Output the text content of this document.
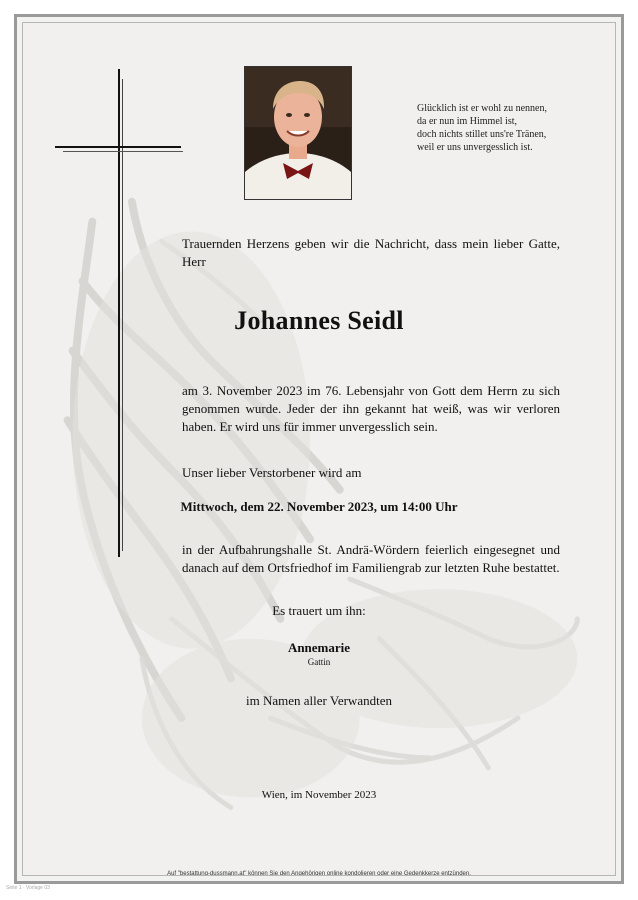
Glücklich ist er wohl zu nennen,
da er nun im Himmel ist,
doch nichts stillet uns're Tränen,
weil er uns unvergesslich ist.
Trauernden Herzens geben wir die Nachricht, dass mein lieber Gatte, Herr
Johannes Seidl
am 3. November 2023 im 76. Lebensjahr von Gott dem Herrn zu sich genommen wurde. Jeder der ihn gekannt hat weiß, was wir verloren haben. Er wird uns für immer unvergesslich sein.
Unser lieber Verstorbener wird am
Mittwoch, dem 22. November 2023, um 14:00 Uhr
in der Aufbahrungshalle St. Andrä-Wördern feierlich eingesegnet und danach auf dem Ortsfriedhof im Familiengrab zur letzten Ruhe bestattet.
Es trauert um ihn:
Annemarie
Gattin
im Namen aller Verwandten
Wien, im November 2023
Auf "bestattung-dussmann.at" können Sie den Angehörigen online kondolieren oder eine Gedenkkerze entzünden.
Seite 1 · Vorlage 03
